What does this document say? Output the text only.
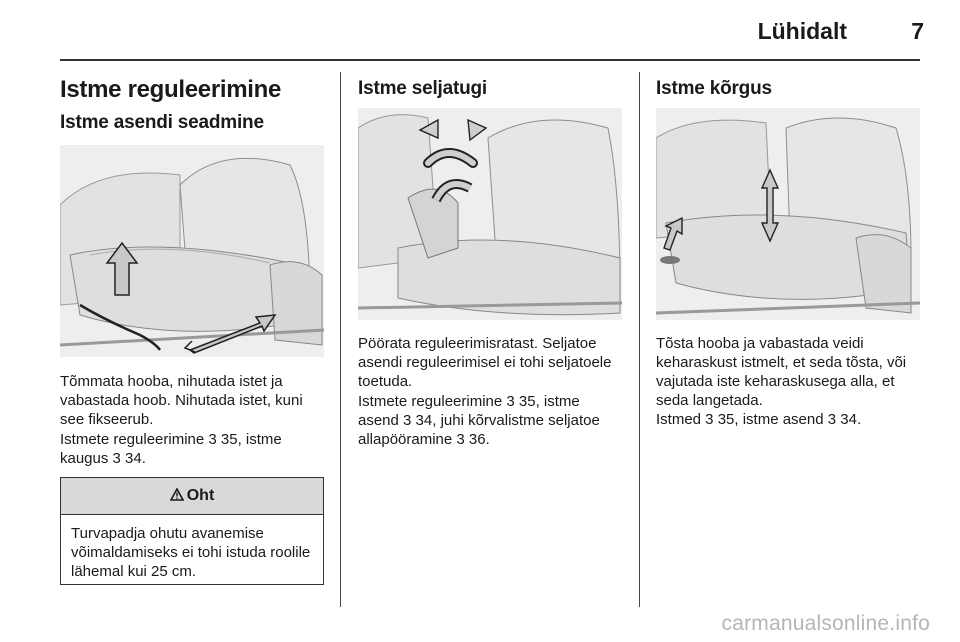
Lühidalt	7
Istme reguleerimine
Istme asendi seadmine

Tõmmata hooba, nihutada istet ja vabastada hoob. Nihutada istet, kuni see fikseerub.

Istmete reguleerimine 3 35, istme kaugus 3 34.

Oht
Turvapadja ohutu avanemise võimaldamiseks ei tohi istuda roolile lähemal kui 25 cm.
Istme seljatugi

Pöörata reguleerimisratast. Seljatoe asendi reguleerimisel ei tohi seljatoele toetuda.

Istmete reguleerimine 3 35, istme asend 3 34, juhi kõrvalistme seljatoe allapööramine 3 36.

Istme kõrgus

Tõsta hooba ja vabastada veidi keharaskust istmelt, et seda tõsta, või vajutada iste keharaskusega alla, et seda langetada.

Istmed 3 35, istme asend 3 34.

carmanualsonline.info
